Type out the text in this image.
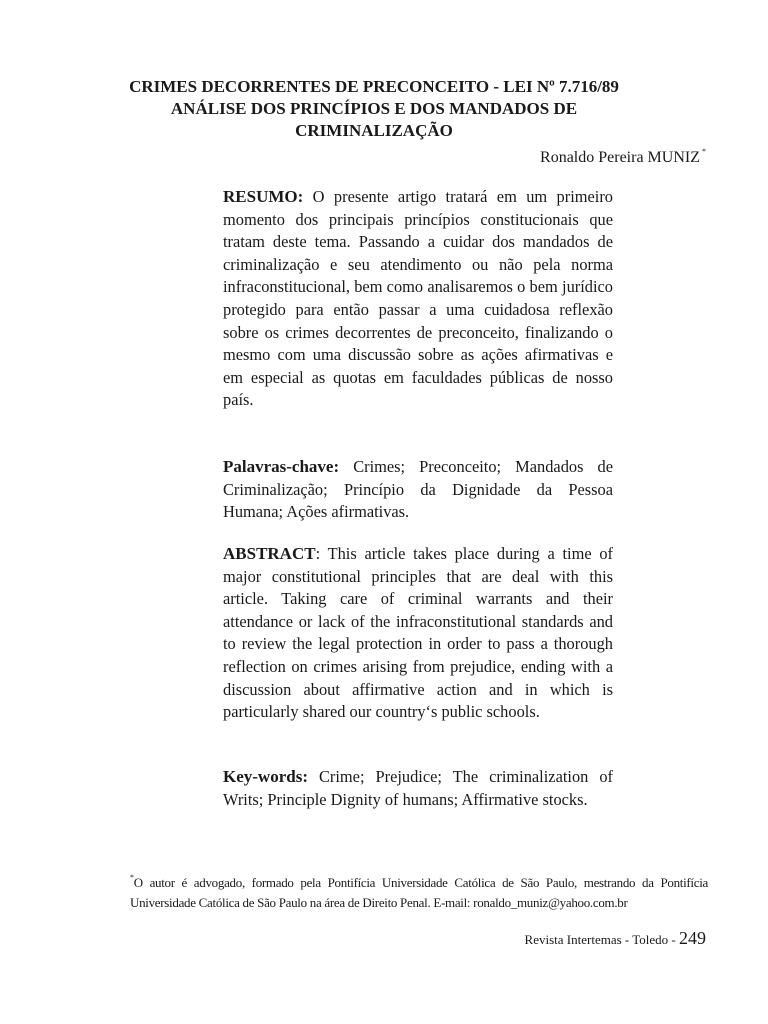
CRIMES DECORRENTES DE PRECONCEITO - LEI Nº 7.716/89
ANÁLISE DOS PRINCÍPIOS E DOS MANDADOS DE
CRIMINALIZAÇÃO
Ronaldo Pereira MUNIZ *

RESUMO: O presente artigo tratará em um primeiro momento dos principais princípios constitucionais que tratam deste tema. Passando a cuidar dos mandados de criminalização e seu atendimento ou não pela norma infraconstitucional, bem como analisaremos o bem jurídico protegido para então passar a uma cuidadosa reflexão sobre os crimes decorrentes de preconceito, finalizando o mesmo com uma discussão sobre as ações afirmativas e em especial as quotas em faculdades públicas de nosso país.

Palavras-chave: Crimes; Preconceito; Mandados de Criminalização; Princípio da Dignidade da Pessoa Humana; Ações afirmativas.

ABSTRACT: This article takes place during a time of major constitutional principles that are deal with this article. Taking care of criminal warrants and their attendance or lack of the infraconstitutional standards and to review the legal protection in order to pass a thorough reflection on crimes arising from prejudice, ending with a discussion about affirmative action and in which is particularly shared our country‘s public schools.

Key-words: Crime; Prejudice; The criminalization of Writs; Principle Dignity of humans; Affirmative stocks.

*O autor é advogado, formado pela Pontifícia Universidade Católica de São Paulo, mestrando da Pontifícia Universidade Católica de São Paulo na área de Direito Penal. E-mail: ronaldo_muniz@yahoo.com.br

Revista Intertemas - Toledo - 249
